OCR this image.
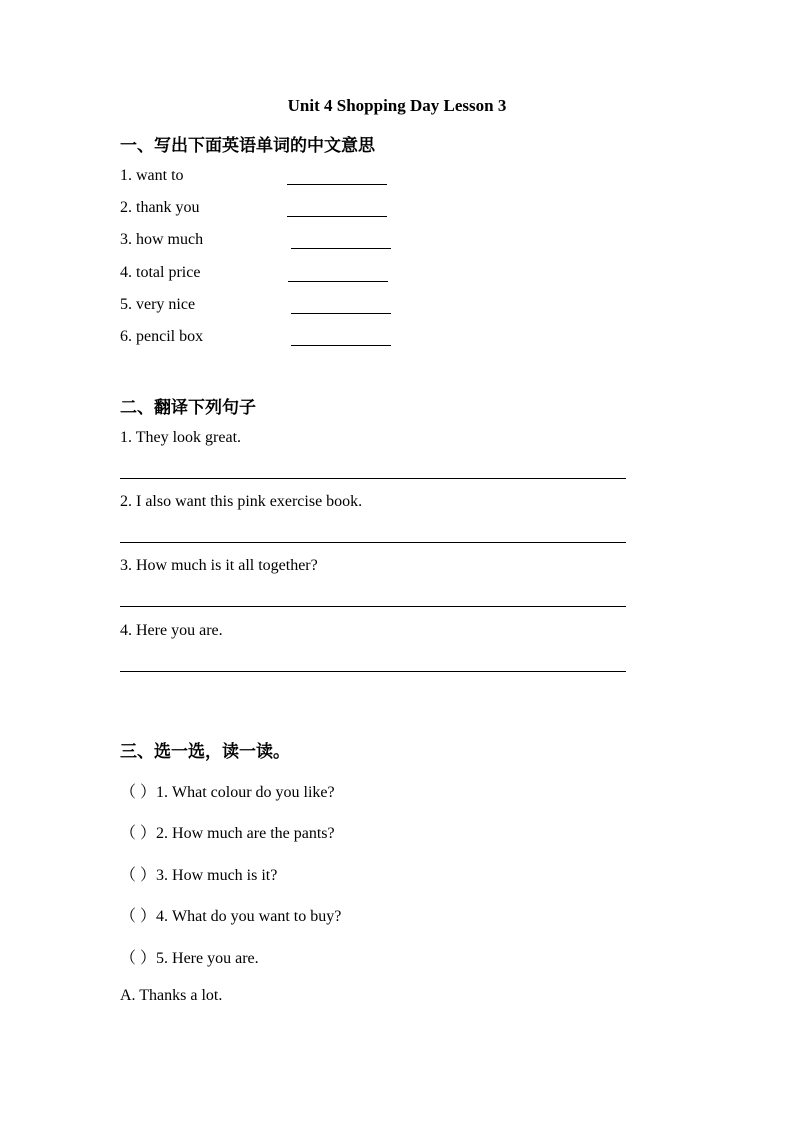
Unit 4 Shopping Day Lesson 3
一、写出下面英语单词的中文意思
1. want to
2. thank you
3. how much
4. total price
5. very nice
6. pencil box
二、翻译下列句子
1. They look great.
2. I also want this pink exercise book.
3. How much is it all together?
4. Here you are.
三、选一选，读一读。
（ ）1. What colour do you like?
（ ）2. How much are the pants?
（ ）3. How much is it?
（ ）4. What do you want to buy?
（ ）5. Here you are.
A. Thanks a lot.
